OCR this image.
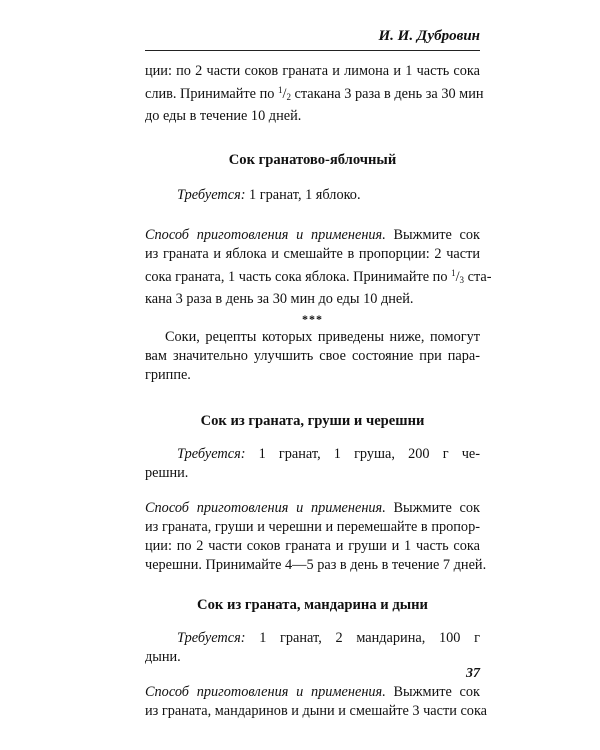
И. И. Дубровин
ции: по 2 части соков граната и лимона и 1 часть сока
слив. Принимайте по $^1/_2$ стакана 3 раза в день за 30 мин
до еды в течение 10 дней.
Сок гранатово-яблочный
Требуется: 1 гранат, 1 яблоко.
Способ приготовления и применения. Выжмите сок
из граната и яблока и смешайте в пропорции: 2 части
сока граната, 1 часть сока яблока. Принимайте по $^1/_3$ ста-
кана 3 раза в день за 30 мин до еды 10 дней.
***
Соки, рецепты которых приведены ниже, помогут
вам значительно улучшить свое состояние при пара-
гриппе.
Сок из граната, груши и черешни
Требуется: 1 гранат, 1 груша, 200 г че-
решни.
Способ приготовления и применения. Выжмите сок
из граната, груши и черешни и перемешайте в пропор-
ции: по 2 части соков граната и груши и 1 часть сока
черешни. Принимайте 4—5 раз в день в течение 7 дней.
Сок из граната, мандарина и дыни
Требуется: 1 гранат, 2 мандарина, 100 г
дыни.
Способ приготовления и применения. Выжмите сок
из граната, мандаринов и дыни и смешайте 3 части сока
37
